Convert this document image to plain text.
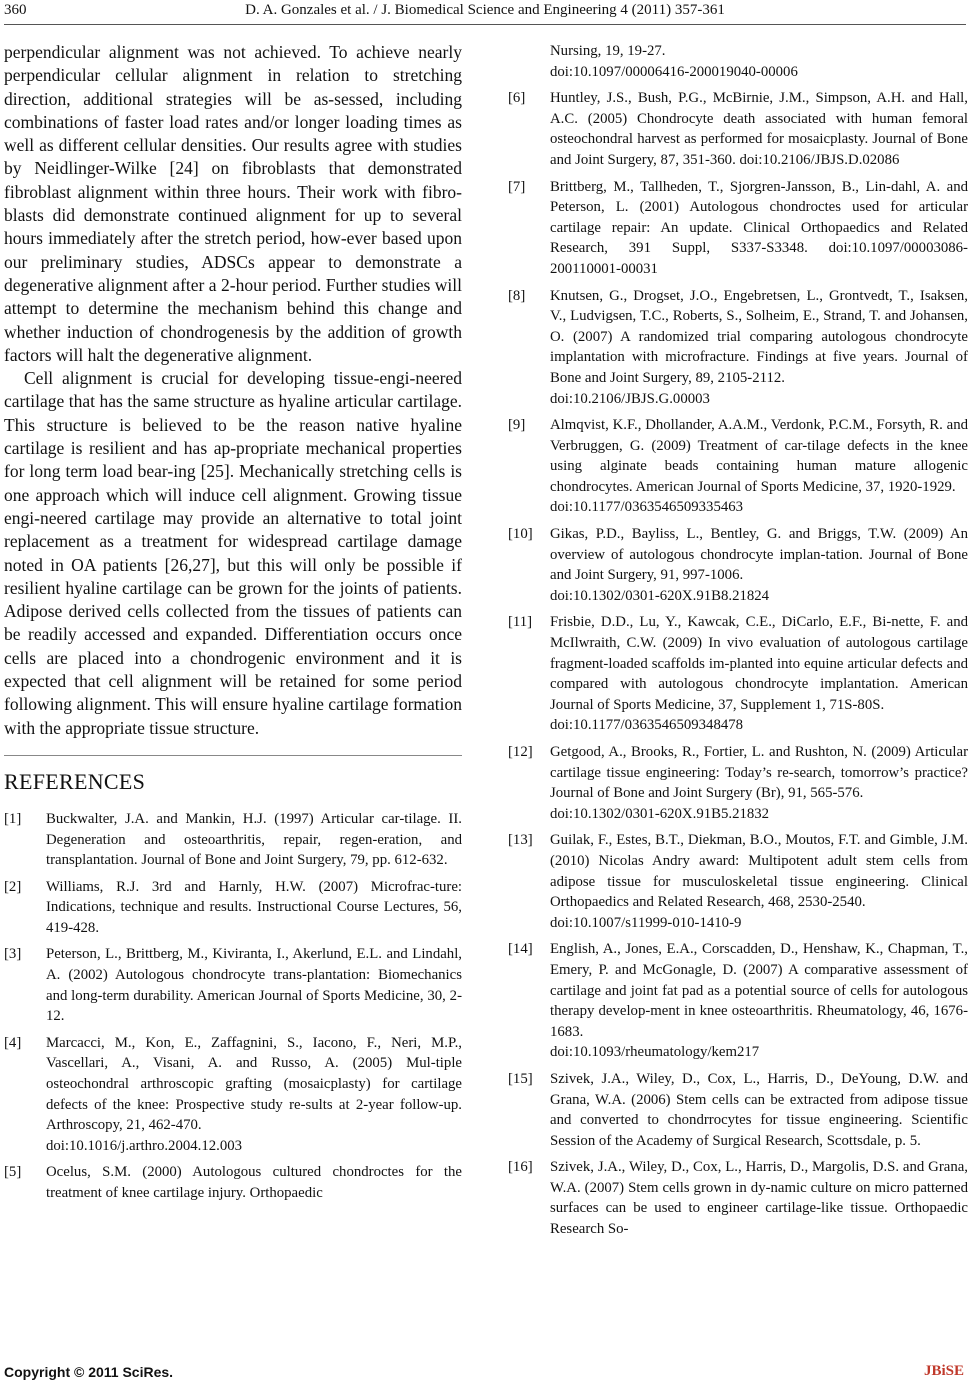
360	D. A. Gonzales et al. / J. Biomedical Science and Engineering 4 (2011) 357-361

perpendicular alignment was not achieved. To achieve nearly perpendicular cellular alignment in relation to stretching direction, additional strategies will be as-sessed, including combinations of faster load rates and/or longer loading times as well as different cellular densities. Our results agree with studies by Neidlinger-Wilke [24] on fibroblasts that demonstrated fibroblast alignment within three hours. Their work with fibro-blasts did demonstrate continued alignment for up to several hours immediately after the stretch period, how-ever based upon our preliminary studies, ADSCs appear to demonstrate a degenerative alignment after a 2-hour period. Further studies will attempt to determine the mechanism behind this change and whether induction of chondrogenesis by the addition of growth factors will halt the degenerative alignment.

Cell alignment is crucial for developing tissue-engi-neered cartilage that has the same structure as hyaline articular cartilage. This structure is believed to be the reason native hyaline cartilage is resilient and has ap-propriate mechanical properties for long term load bear-ing [25]. Mechanically stretching cells is one approach which will induce cell alignment. Growing tissue engi-neered cartilage may provide an alternative to total joint replacement as a treatment for widespread cartilage damage noted in OA patients [26,27], but this will only be possible if resilient hyaline cartilage can be grown for the joints of patients. Adipose derived cells collected from the tissues of patients can be readily accessed and expanded. Differentiation occurs once cells are placed into a chondrogenic environment and it is expected that cell alignment will be retained for some period following alignment. This will ensure hyaline cartilage formation with the appropriate tissue structure.

REFERENCES

[1] Buckwalter, J.A. and Mankin, H.J. (1997) Articular car-tilage. II. Degeneration and osteoarthritis, repair, regen-eration, and transplantation. Journal of Bone and Joint Surgery, 79, pp. 612-632.

[2] Williams, R.J. 3rd and Harnly, H.W. (2007) Microfrac-ture: Indications, technique and results. Instructional Course Lectures, 56, 419-428.

[3] Peterson, L., Brittberg, M., Kiviranta, I., Akerlund, E.L. and Lindahl, A. (2002) Autologous chondrocyte trans-plantation: Biomechanics and long-term durability. American Journal of Sports Medicine, 30, 2-12.

[4] Marcacci, M., Kon, E., Zaffagnini, S., Iacono, F., Neri, M.P., Vascellari, A., Visani, A. and Russo, A. (2005) Mul-tiple osteochondral arthroscopic grafting (mosaicplasty) for cartilage defects of the knee: Prospective study re-sults at 2-year follow-up. Arthroscopy, 21, 462-470.
doi:10.1016/j.arthro.2004.12.003

[5] Ocelus, S.M. (2000) Autologous cultured chondroctes for the treatment of knee cartilage injury. Orthopaedic

Nursing, 19, 19-27.
doi:10.1097/00006416-200019040-00006

[6] Huntley, J.S., Bush, P.G., McBirnie, J.M., Simpson, A.H. and Hall, A.C. (2005) Chondrocyte death associated with human femoral osteochondral harvest as performed for mosaicplasty. Journal of Bone and Joint Surgery, 87, 351-360. doi:10.2106/JBJS.D.02086

[7] Brittberg, M., Tallheden, T., Sjorgren-Jansson, B., Lin-dahl, A. and Peterson, L. (2001) Autologous chondroctes used for articular cartilage repair: An update. Clinical Orthopaedics and Related Research, 391 Suppl, S337-S3348. doi:10.1097/00003086-200110001-00031

[8] Knutsen, G., Drogset, J.O., Engebretsen, L., Grontvedt, T., Isaksen, V., Ludvigsen, T.C., Roberts, S., Solheim, E., Strand, T. and Johansen, O. (2007) A randomized trial comparing autologous chondrocyte implantation with microfracture. Findings at five years. Journal of Bone and Joint Surgery, 89, 2105-2112.
doi:10.2106/JBJS.G.00003

[9] Almqvist, K.F., Dhollander, A.A.M., Verdonk, P.C.M., Forsyth, R. and Verbruggen, G. (2009) Treatment of car-tilage defects in the knee using alginate beads containing human mature allogenic chondrocytes. American Journal of Sports Medicine, 37, 1920-1929.
doi:10.1177/0363546509335463

[10] Gikas, P.D., Bayliss, L., Bentley, G. and Briggs, T.W. (2009) An overview of autologous chondrocyte implan-tation. Journal of Bone and Joint Surgery, 91, 997-1006.
doi:10.1302/0301-620X.91B8.21824

[11] Frisbie, D.D., Lu, Y., Kawcak, C.E., DiCarlo, E.F., Bi-nette, F. and McIlwraith, C.W. (2009) In vivo evaluation of autologous cartilage fragment-loaded scaffolds im-planted into equine articular defects and compared with autologous chondrocyte implantation. American Journal of Sports Medicine, 37, Supplement 1, 71S-80S.
doi:10.1177/0363546509348478

[12] Getgood, A., Brooks, R., Fortier, L. and Rushton, N. (2009) Articular cartilage tissue engineering: Today’s re-search, tomorrow’s practice? Journal of Bone and Joint Surgery (Br), 91, 565-576.
doi:10.1302/0301-620X.91B5.21832

[13] Guilak, F., Estes, B.T., Diekman, B.O., Moutos, F.T. and Gimble, J.M. (2010) Nicolas Andry award: Multipotent adult stem cells from adipose tissue for musculoskeletal tissue engineering. Clinical Orthopaedics and Related Research, 468, 2530-2540.
doi:10.1007/s11999-010-1410-9

[14] English, A., Jones, E.A., Corscadden, D., Henshaw, K., Chapman, T., Emery, P. and McGonagle, D. (2007) A comparative assessment of cartilage and joint fat pad as a potential source of cells for autologous therapy develop-ment in knee osteoarthritis. Rheumatology, 46, 1676-1683.
doi:10.1093/rheumatology/kem217

[15] Szivek, J.A., Wiley, D., Cox, L., Harris, D., DeYoung, D.W. and Grana, W.A. (2006) Stem cells can be extracted from adipose tissue and converted to chondrrocytes for tissue engineering. Scientific Session of the Academy of Surgical Research, Scottsdale, p. 5.

[16] Szivek, J.A., Wiley, D., Cox, L., Harris, D., Margolis, D.S. and Grana, W.A. (2007) Stem cells grown in dy-namic culture on micro patterned surfaces can be used to engineer cartilage-like tissue. Orthopaedic Research So-

Copyright © 2011 SciRes.	JBiSE
